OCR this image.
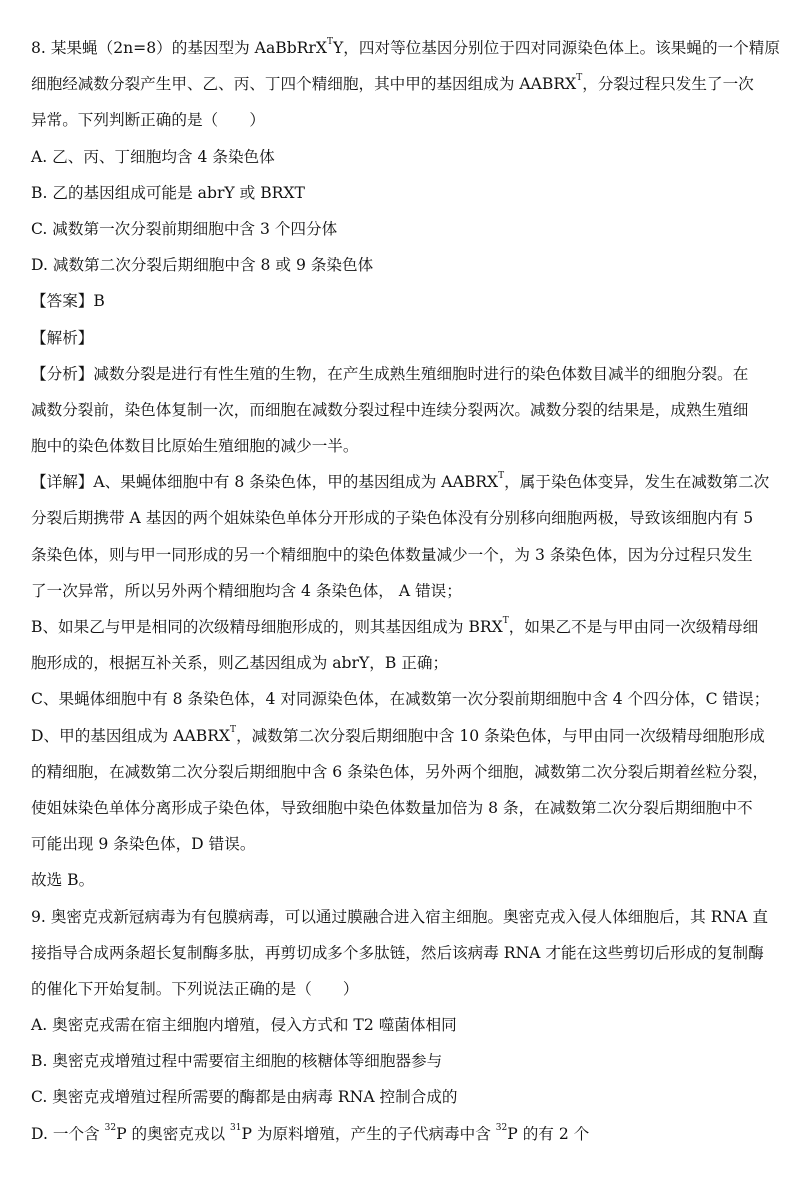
8. 某果蝇（2n=8）的基因型为 AaBbRrX$^T$Y，四对等位基因分别位于四对同源染色体上。该果蝇的一个精原
细胞经减数分裂产生甲、乙、丙、丁四个精细胞，其中甲的基因组成为 $AABRX^T$，分裂过程只发生了一次
异常。下列判断正确的是（　　）
A. 乙、丙、丁细胞均含 4 条染色体
B. 乙的基因组成可能是 abrY 或 BRXT
C. 减数第一次分裂前期细胞中含 3 个四分体
D. 减数第二次分裂后期细胞中含 8 或 9 条染色体
【答案】B
【解析】
【分析】减数分裂是进行有性生殖的生物，在产生成熟生殖细胞时进行的染色体数目减半的细胞分裂。在
减数分裂前，染色体复制一次，而细胞在减数分裂过程中连续分裂两次。减数分裂的结果是，成熟生殖细
胞中的染色体数目比原始生殖细胞的减少一半。
【详解】A、果蝇体细胞中有 8 条染色体，甲的基因组成为 $AABRX^T$，属于染色体变异，发生在减数第二次
分裂后期携带 A 基因的两个姐妹染色单体分开形成的子染色体没有分别移向细胞两极，导致该细胞内有 5
条染色体，则与甲一同形成的另一个精细胞中的染色体数量减少一个，为 3 条染色体，因为分过程只发生
了一次异常，所以另外两个精细胞均含 4 条染色体， A 错误；
B、如果乙与甲是相同的次级精母细胞形成的，则其基因组成为 $BRX^T$，如果乙不是与甲由同一次级精母细
胞形成的，根据互补关系，则乙基因组成为 abrY，B 正确；
C、果蝇体细胞中有 8 条染色体，4 对同源染色体，在减数第一次分裂前期细胞中含 4 个四分体，C 错误；
D、甲的基因组成为 $AABRX^T$，减数第二次分裂后期细胞中含 10 条染色体，与甲由同一次级精母细胞形成
的精细胞，在减数第二次分裂后期细胞中含 6 条染色体，另外两个细胞，减数第二次分裂后期着丝粒分裂，
使姐妹染色单体分离形成子染色体，导致细胞中染色体数量加倍为 8 条，在减数第二次分裂后期细胞中不
可能出现 9 条染色体，D 错误。
故选 B。
9. 奥密克戎新冠病毒为有包膜病毒，可以通过膜融合进入宿主细胞。奥密克戎入侵人体细胞后，其 RNA 直
接指导合成两条超长复制酶多肽，再剪切成多个多肽链，然后该病毒 RNA 才能在这些剪切后形成的复制酶
的催化下开始复制。下列说法正确的是（　　）
A. 奥密克戎需在宿主细胞内增殖，侵入方式和 T2 噬菌体相同
B. 奥密克戎增殖过程中需要宿主细胞的核糖体等细胞器参与
C. 奥密克戎增殖过程所需要的酶都是由病毒 RNA 控制合成的
D. 一个含 $^{32}$P 的奥密克戎以 $^{31}$P 为原料增殖，产生的子代病毒中含 $^{32}$P 的有 2 个
